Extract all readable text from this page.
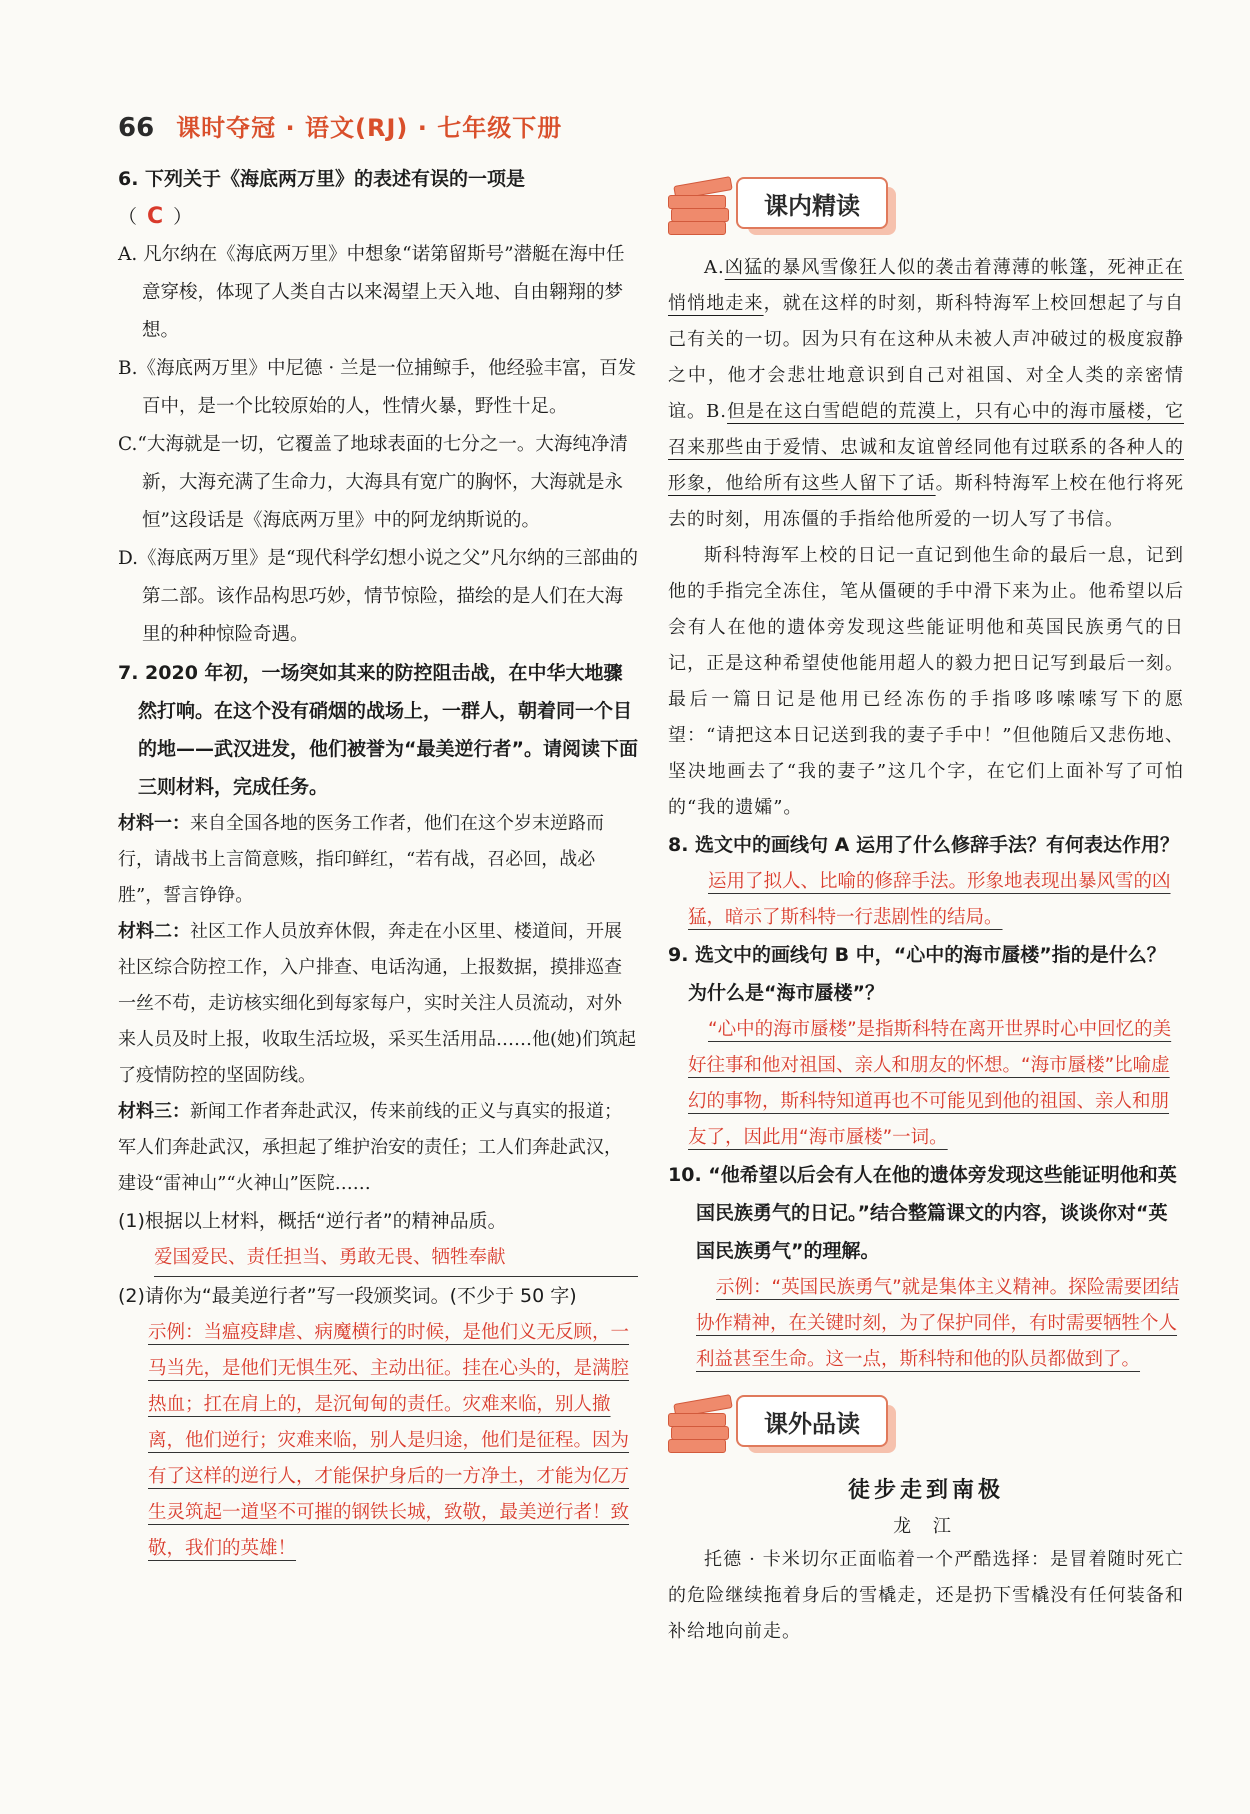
66 课时夺冠 · 语文(RJ) · 七年级下册

6. 下列关于《海底两万里》的表述有误的一项是

（ C ）

A. 凡尔纳在《海底两万里》中想象“诺第留斯号”潜艇在海中任意穿梭，体现了人类自古以来渴望上天入地、自由翱翔的梦想。

B.《海底两万里》中尼德 · 兰是一位捕鲸手，他经验丰富，百发百中，是一个比较原始的人，性情火暴，野性十足。

C.“大海就是一切，它覆盖了地球表面的七分之一。大海纯净清新，大海充满了生命力，大海具有宽广的胸怀，大海就是永恒”这段话是《海底两万里》中的阿龙纳斯说的。

D.《海底两万里》是“现代科学幻想小说之父”凡尔纳的三部曲的第二部。该作品构思巧妙，情节惊险，描绘的是人们在大海里的种种惊险奇遇。

7. 2020 年初，一场突如其来的防控阻击战，在中华大地骤然打响。在这个没有硝烟的战场上，一群人，朝着同一个目的地——武汉进发，他们被誉为“最美逆行者”。请阅读下面三则材料，完成任务。

材料一：来自全国各地的医务工作者，他们在这个岁末逆路而行，请战书上言简意赅，指印鲜红，“若有战，召必回，战必胜”，誓言铮铮。

材料二：社区工作人员放弃休假，奔走在小区里、楼道间，开展社区综合防控工作，入户排查、电话沟通，上报数据，摸排巡查一丝不苟，走访核实细化到每家每户，实时关注人员流动，对外来人员及时上报，收取生活垃圾，采买生活用品……他(她)们筑起了疫情防控的坚固防线。

材料三：新闻工作者奔赴武汉，传来前线的正义与真实的报道；军人们奔赴武汉，承担起了维护治安的责任；工人们奔赴武汉，建设“雷神山”“火神山”医院……

(1)根据以上材料，概括“逆行者”的精神品质。

爱国爱民、责任担当、勇敢无畏、牺牲奉献

(2)请你为“最美逆行者”写一段颁奖词。(不少于 50 字)

示例：当瘟疫肆虐、病魔横行的时候，是他们义无反顾，一马当先，是他们无惧生死、主动出征。挂在心头的，是满腔热血；扛在肩上的，是沉甸甸的责任。灾难来临，别人撤离，他们逆行；灾难来临，别人是归途，他们是征程。因为有了这样的逆行人，才能保护身后的一方净土，才能为亿万生灵筑起一道坚不可摧的钢铁长城，致敬，最美逆行者！致敬，我们的英雄！

课内精读

A.凶猛的暴风雪像狂人似的袭击着薄薄的帐篷，死神正在悄悄地走来，就在这样的时刻，斯科特海军上校回想起了与自己有关的一切。因为只有在这种从未被人声冲破过的极度寂静之中，他才会悲壮地意识到自己对祖国、对全人类的亲密情谊。B.但是在这白雪皑皑的荒漠上，只有心中的海市蜃楼，它召来那些由于爱情、忠诚和友谊曾经同他有过联系的各种人的形象，他给所有这些人留下了话。斯科特海军上校在他行将死去的时刻，用冻僵的手指给他所爱的一切人写了书信。

斯科特海军上校的日记一直记到他生命的最后一息，记到他的手指完全冻住，笔从僵硬的手中滑下来为止。他希望以后会有人在他的遗体旁发现这些能证明他和英国民族勇气的日记，正是这种希望使他能用超人的毅力把日记写到最后一刻。最后一篇日记是他用已经冻伤的手指哆哆嗦嗦写下的愿望：“请把这本日记送到我的妻子手中！”但他随后又悲伤地、坚决地画去了“我的妻子”这几个字，在它们上面补写了可怕的“我的遗孀”。

8. 选文中的画线句 A 运用了什么修辞手法？有何表达作用？

运用了拟人、比喻的修辞手法。形象地表现出暴风雪的凶猛，暗示了斯科特一行悲剧性的结局。

9. 选文中的画线句 B 中，“心中的海市蜃楼”指的是什么？为什么是“海市蜃楼”？

“心中的海市蜃楼”是指斯科特在离开世界时心中回忆的美好往事和他对祖国、亲人和朋友的怀想。“海市蜃楼”比喻虚幻的事物，斯科特知道再也不可能见到他的祖国、亲人和朋友了，因此用“海市蜃楼”一词。

10. “他希望以后会有人在他的遗体旁发现这些能证明他和英国民族勇气的日记。”结合整篇课文的内容，谈谈你对“英国民族勇气”的理解。

示例：“英国民族勇气”就是集体主义精神。探险需要团结协作精神，在关键时刻，为了保护同伴，有时需要牺牲个人利益甚至生命。这一点，斯科特和他的队员都做到了。

课外品读

徒步走到南极

龙 江

托德 · 卡米切尔正面临着一个严酷选择：是冒着随时死亡的危险继续拖着身后的雪橇走，还是扔下雪橇没有任何装备和补给地向前走。
